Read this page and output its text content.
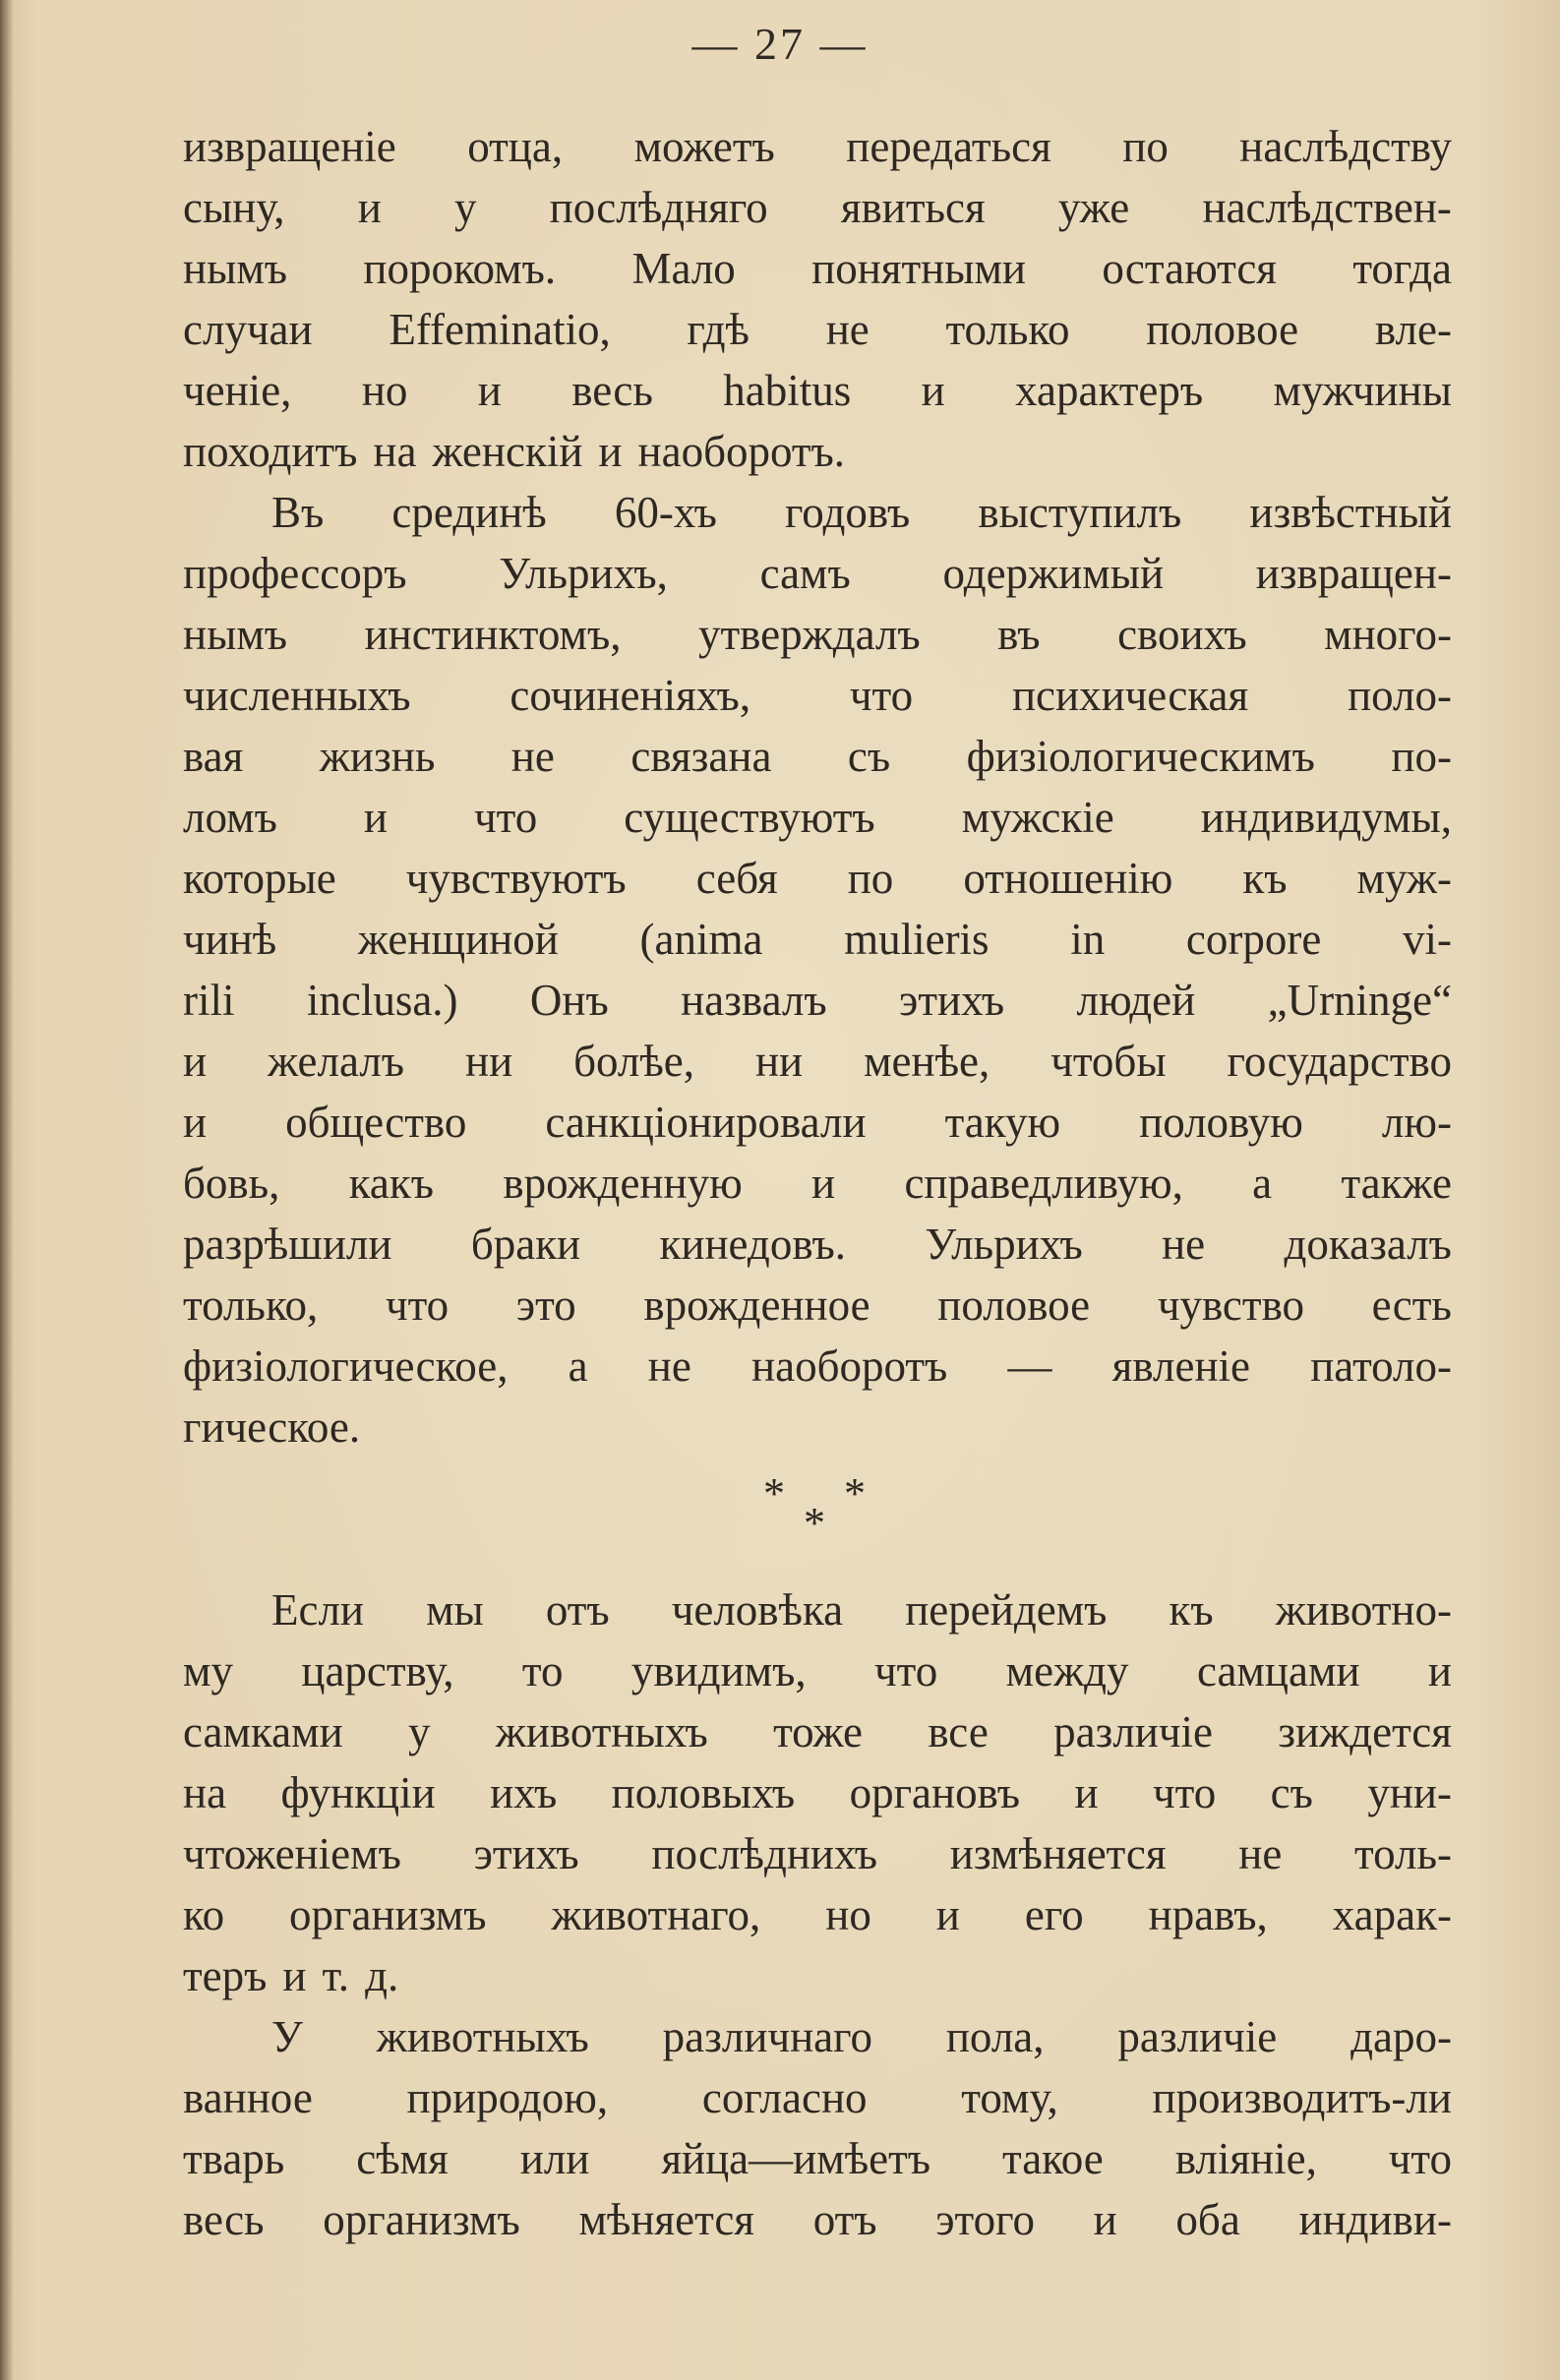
— 27 —
извращеніе отца, можетъ передаться по наслѣдству
сыну, и у послѣдняго явиться уже наслѣдствен-
нымъ порокомъ. Мало понятными остаются тогда
случаи Effeminatio, гдѣ не только половое вле-
ченіе, но и весь habitus и характеръ мужчины
походитъ на женскій и наоборотъ.
Въ срединѣ 60-хъ годовъ выступилъ извѣстный
профессоръ Ульрихъ, самъ одержимый извращен-
нымъ инстинктомъ, утверждалъ въ своихъ много-
численныхъ сочиненіяхъ, что психическая поло-
вая жизнь не связана съ физіологическимъ по-
ломъ и что существуютъ мужскіе индивидумы,
которые чувствуютъ себя по отношенію къ муж-
чинѣ женщиной (anima mulieris in corpore vi-
rili inclusa.) Онъ назвалъ этихъ людей „Urninge“
и желалъ ни болѣе, ни менѣе, чтобы государство
и общество санкціонировали такую половую лю-
бовь, какъ врожденную и справедливую, а также
разрѣшили браки кинедовъ. Ульрихъ не доказалъ
только, что это врожденное половое чувство есть
физіологическое, а не наоборотъ — явленіе патоло-
гическое.
* *
*
Если мы отъ человѣка перейдемъ къ животно-
му царству, то увидимъ, что между самцами и
самками у животныхъ тоже все различіе зиждется
на функціи ихъ половыхъ органовъ и что съ уни-
чтоженіемъ этихъ послѣднихъ измѣняется не толь-
ко организмъ животнаго, но и его нравъ, харак-
теръ и т. д.
У животныхъ различнаго пола, различіе даро-
ванное природою, согласно тому, производитъ-ли
тварь сѣмя или яйца—имѣетъ такое вліяніе, что
весь организмъ мѣняется отъ этого и оба индиви-
